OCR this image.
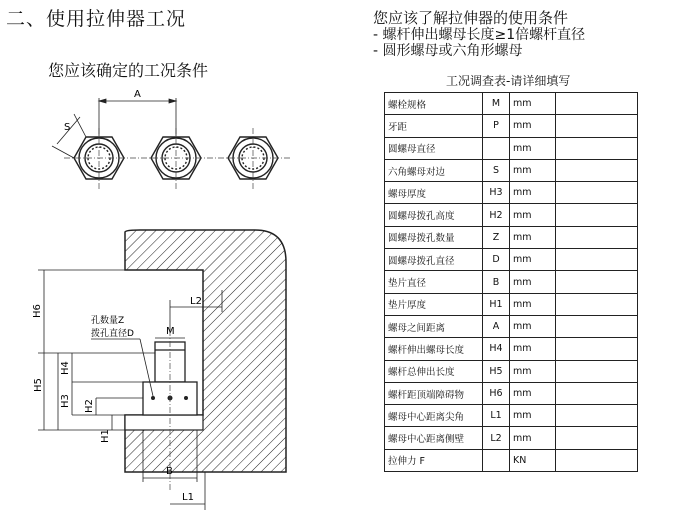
二、使用拉伸器工况
您应该确定的工况条件
您应该了解拉伸器的使用条件
- 螺杆伸出螺母长度≥1倍螺杆直径
- 圆形螺母或六角形螺母
工况调查表-请详细填写
A
S
H6
H5
H4
H3 H2
H1
L2
M
孔数量Z
拨孔直径D
B
L1
螺栓规格	M	mm	
牙距	P	mm	
圆螺母直径		mm	
六角螺母对边	S	mm	
螺母厚度	H3	mm	
圆螺母拨孔高度	H2	mm	
圆螺母拨孔数量	Z	mm	
圆螺母拨孔直径	D	mm	
垫片直径	B	mm	
垫片厚度	H1	mm	
螺母之间距离	A	mm	
螺杆伸出螺母长度	H4	mm	
螺杆总伸出长度	H5	mm	
螺杆距顶端障碍物	H6	mm	
螺母中心距离尖角	L1	mm	
螺母中心距离侧壁	L2	mm	
拉伸力 F		KN	
